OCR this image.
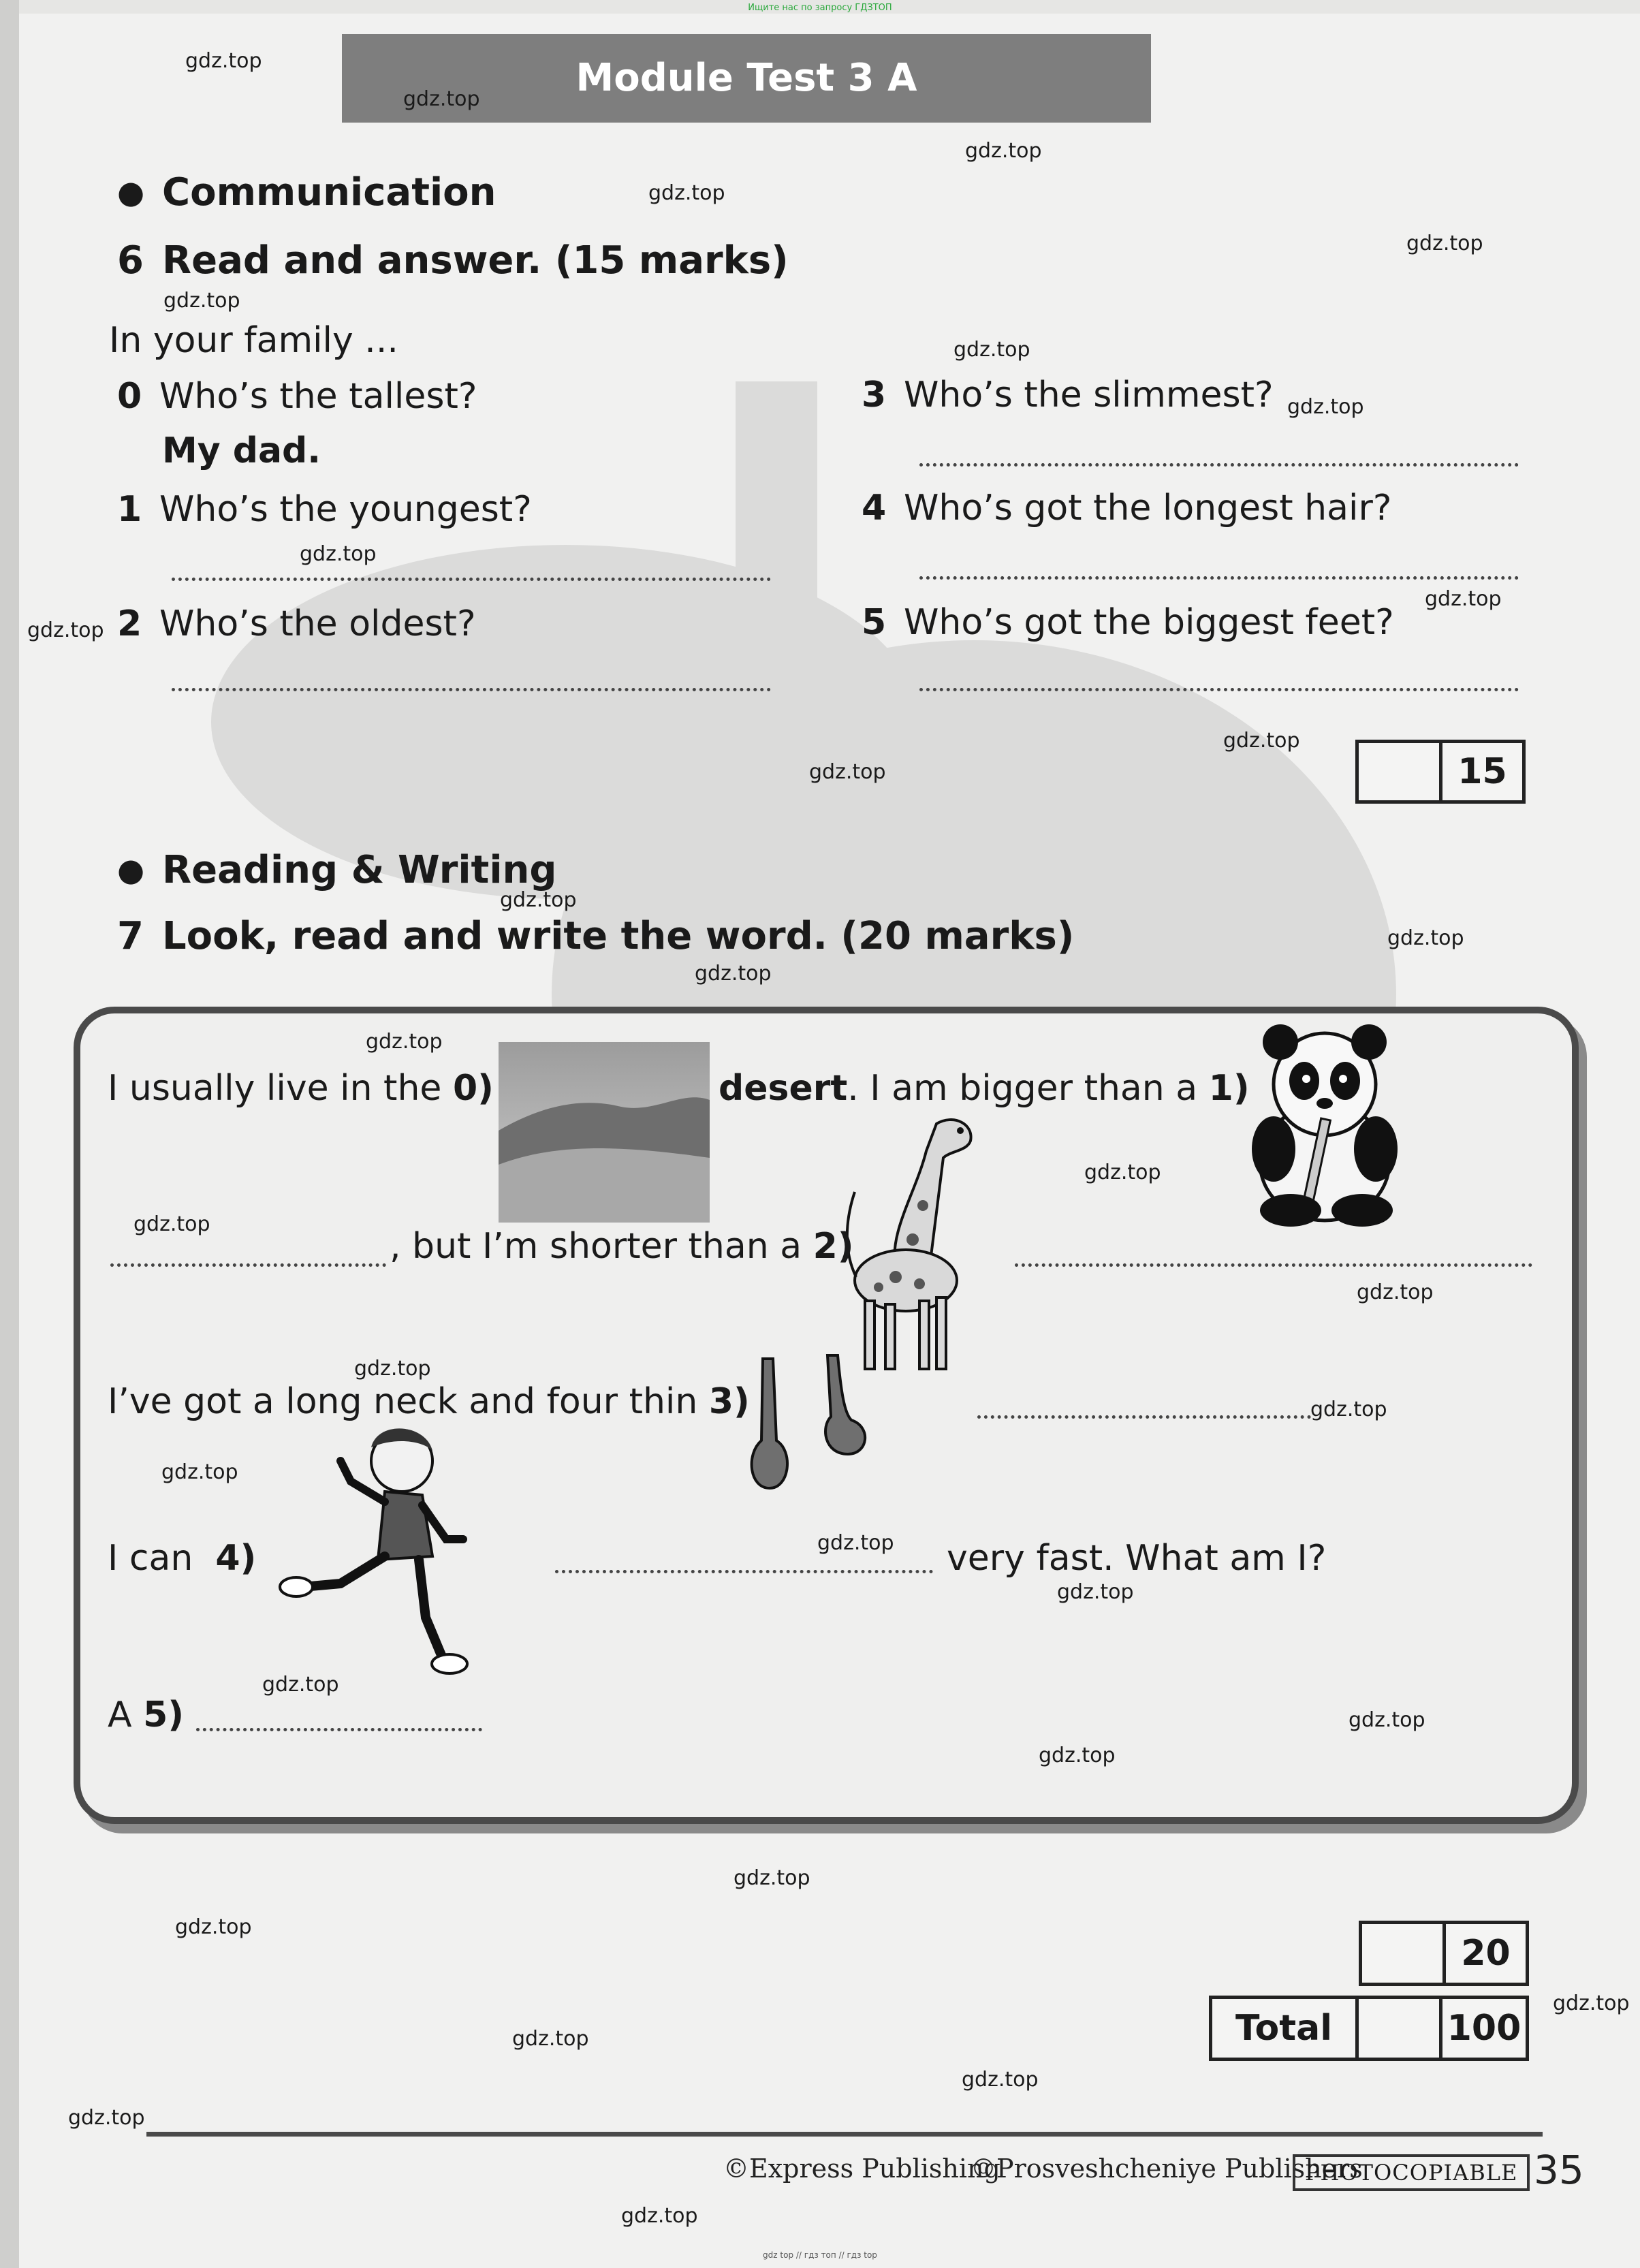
Ищите нас по запросу ГДЗТОП
Module Test 3 A
● Communication
6 Read and answer. (15 marks)
In your family ...
0 Who’s the tallest?
My dad.
1 Who’s the youngest?
2 Who’s the oldest?
3 Who’s the slimmest?
4 Who’s got the longest hair?
5 Who’s got the biggest feet?
15
● Reading & Writing
7 Look, read and write the word. (20 marks)
I usually live in the 0)	desert. I am bigger than a 1)
, but I’m shorter than a 2)
I’ve got a long neck and four thin 3)
I can 4)	very fast. What am I?
A 5)
20
Total	100
gdz.top
gdz.top
gdz.top
gdz.top
gdz.top
gdz.top
gdz.top
gdz.top
gdz.top
gdz.top
gdz.top
gdz.top
gdz.top
gdz.top
gdz.top
gdz.top
gdz.top
gdz.top
gdz.top
gdz.top
gdz.top
gdz.top
gdz.top
gdz.top
gdz.top
gdz.top
gdz.top
gdz.top
gdz.top
gdz.top
gdz.top
gdz.top
gdz.top
gdz.top
gdz.top
©Express Publishing
©Prosveshcheniye Publishers
PHOTOCOPIABLE 35
gdz top // гдз топ // гдз top
